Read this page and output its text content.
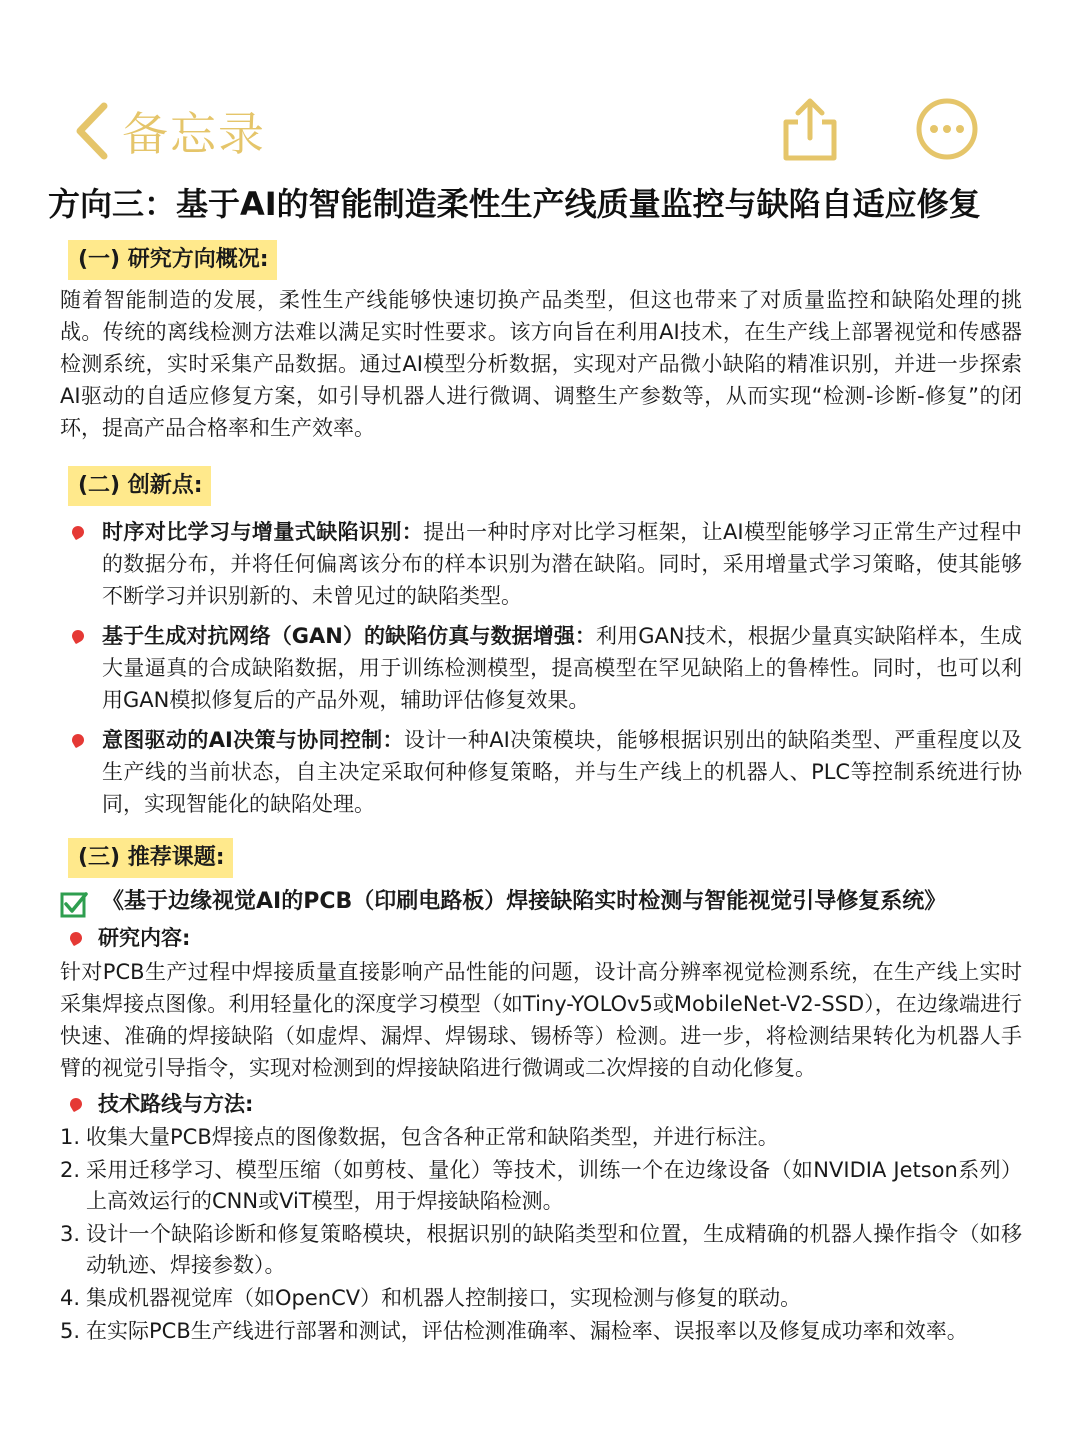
备忘录
方向三：基于AI的智能制造柔性生产线质量监控与缺陷自适应修复
(一) 研究方向概况:

随着智能制造的发展，柔性生产线能够快速切换产品类型，但这也带来了对质量监控和缺陷处理的挑战。传统的离线检测方法难以满足实时性要求。该方向旨在利用AI技术，在生产线上部署视觉和传感器检测系统，实时采集产品数据。通过AI模型分析数据，实现对产品微小缺陷的精准识别，并进一步探索AI驱动的自适应修复方案，如引导机器人进行微调、调整生产参数等，从而实现“检测-诊断-修复”的闭环，提高产品合格率和生产效率。

(二) 创新点:
时序对比学习与增量式缺陷识别：提出一种时序对比学习框架，让AI模型能够学习正常生产过程中的数据分布，并将任何偏离该分布的样本识别为潜在缺陷。同时，采用增量式学习策略，使其能够不断学习并识别新的、未曾见过的缺陷类型。
基于生成对抗网络（GAN）的缺陷仿真与数据增强：利用GAN技术，根据少量真实缺陷样本，生成大量逼真的合成缺陷数据，用于训练检测模型，提高模型在罕见缺陷上的鲁棒性。同时，也可以利用GAN模拟修复后的产品外观，辅助评估修复效果。
意图驱动的AI决策与协同控制：设计一种AI决策模块，能够根据识别出的缺陷类型、严重程度以及生产线的当前状态，自主决定采取何种修复策略，并与生产线上的机器人、PLC等控制系统进行协同，实现智能化的缺陷处理。
(三) 推荐课题:
《基于边缘视觉AI的PCB（印刷电路板）焊接缺陷实时检测与智能视觉引导修复系统》
研究内容:

针对PCB生产过程中焊接质量直接影响产品性能的问题，设计高分辨率视觉检测系统，在生产线上实时采集焊接点图像。利用轻量化的深度学习模型（如Tiny-YOLOv5或MobileNet-V2-SSD），在边缘端进行快速、准确的焊接缺陷（如虚焊、漏焊、焊锡球、锡桥等）检测。进一步，将检测结果转化为机器人手臂的视觉引导指令，实现对检测到的焊接缺陷进行微调或二次焊接的自动化修复。

技术路线与方法:
1. 收集大量PCB焊接点的图像数据，包含各种正常和缺陷类型，并进行标注。
2. 采用迁移学习、模型压缩（如剪枝、量化）等技术，训练一个在边缘设备（如NVIDIA Jetson系列）上高效运行的CNN或ViT模型，用于焊接缺陷检测。
3. 设计一个缺陷诊断和修复策略模块，根据识别的缺陷类型和位置，生成精确的机器人操作指令（如移动轨迹、焊接参数）。
4. 集成机器视觉库（如OpenCV）和机器人控制接口，实现检测与修复的联动。
5. 在实际PCB生产线进行部署和测试，评估检测准确率、漏检率、误报率以及修复成功率和效率。
